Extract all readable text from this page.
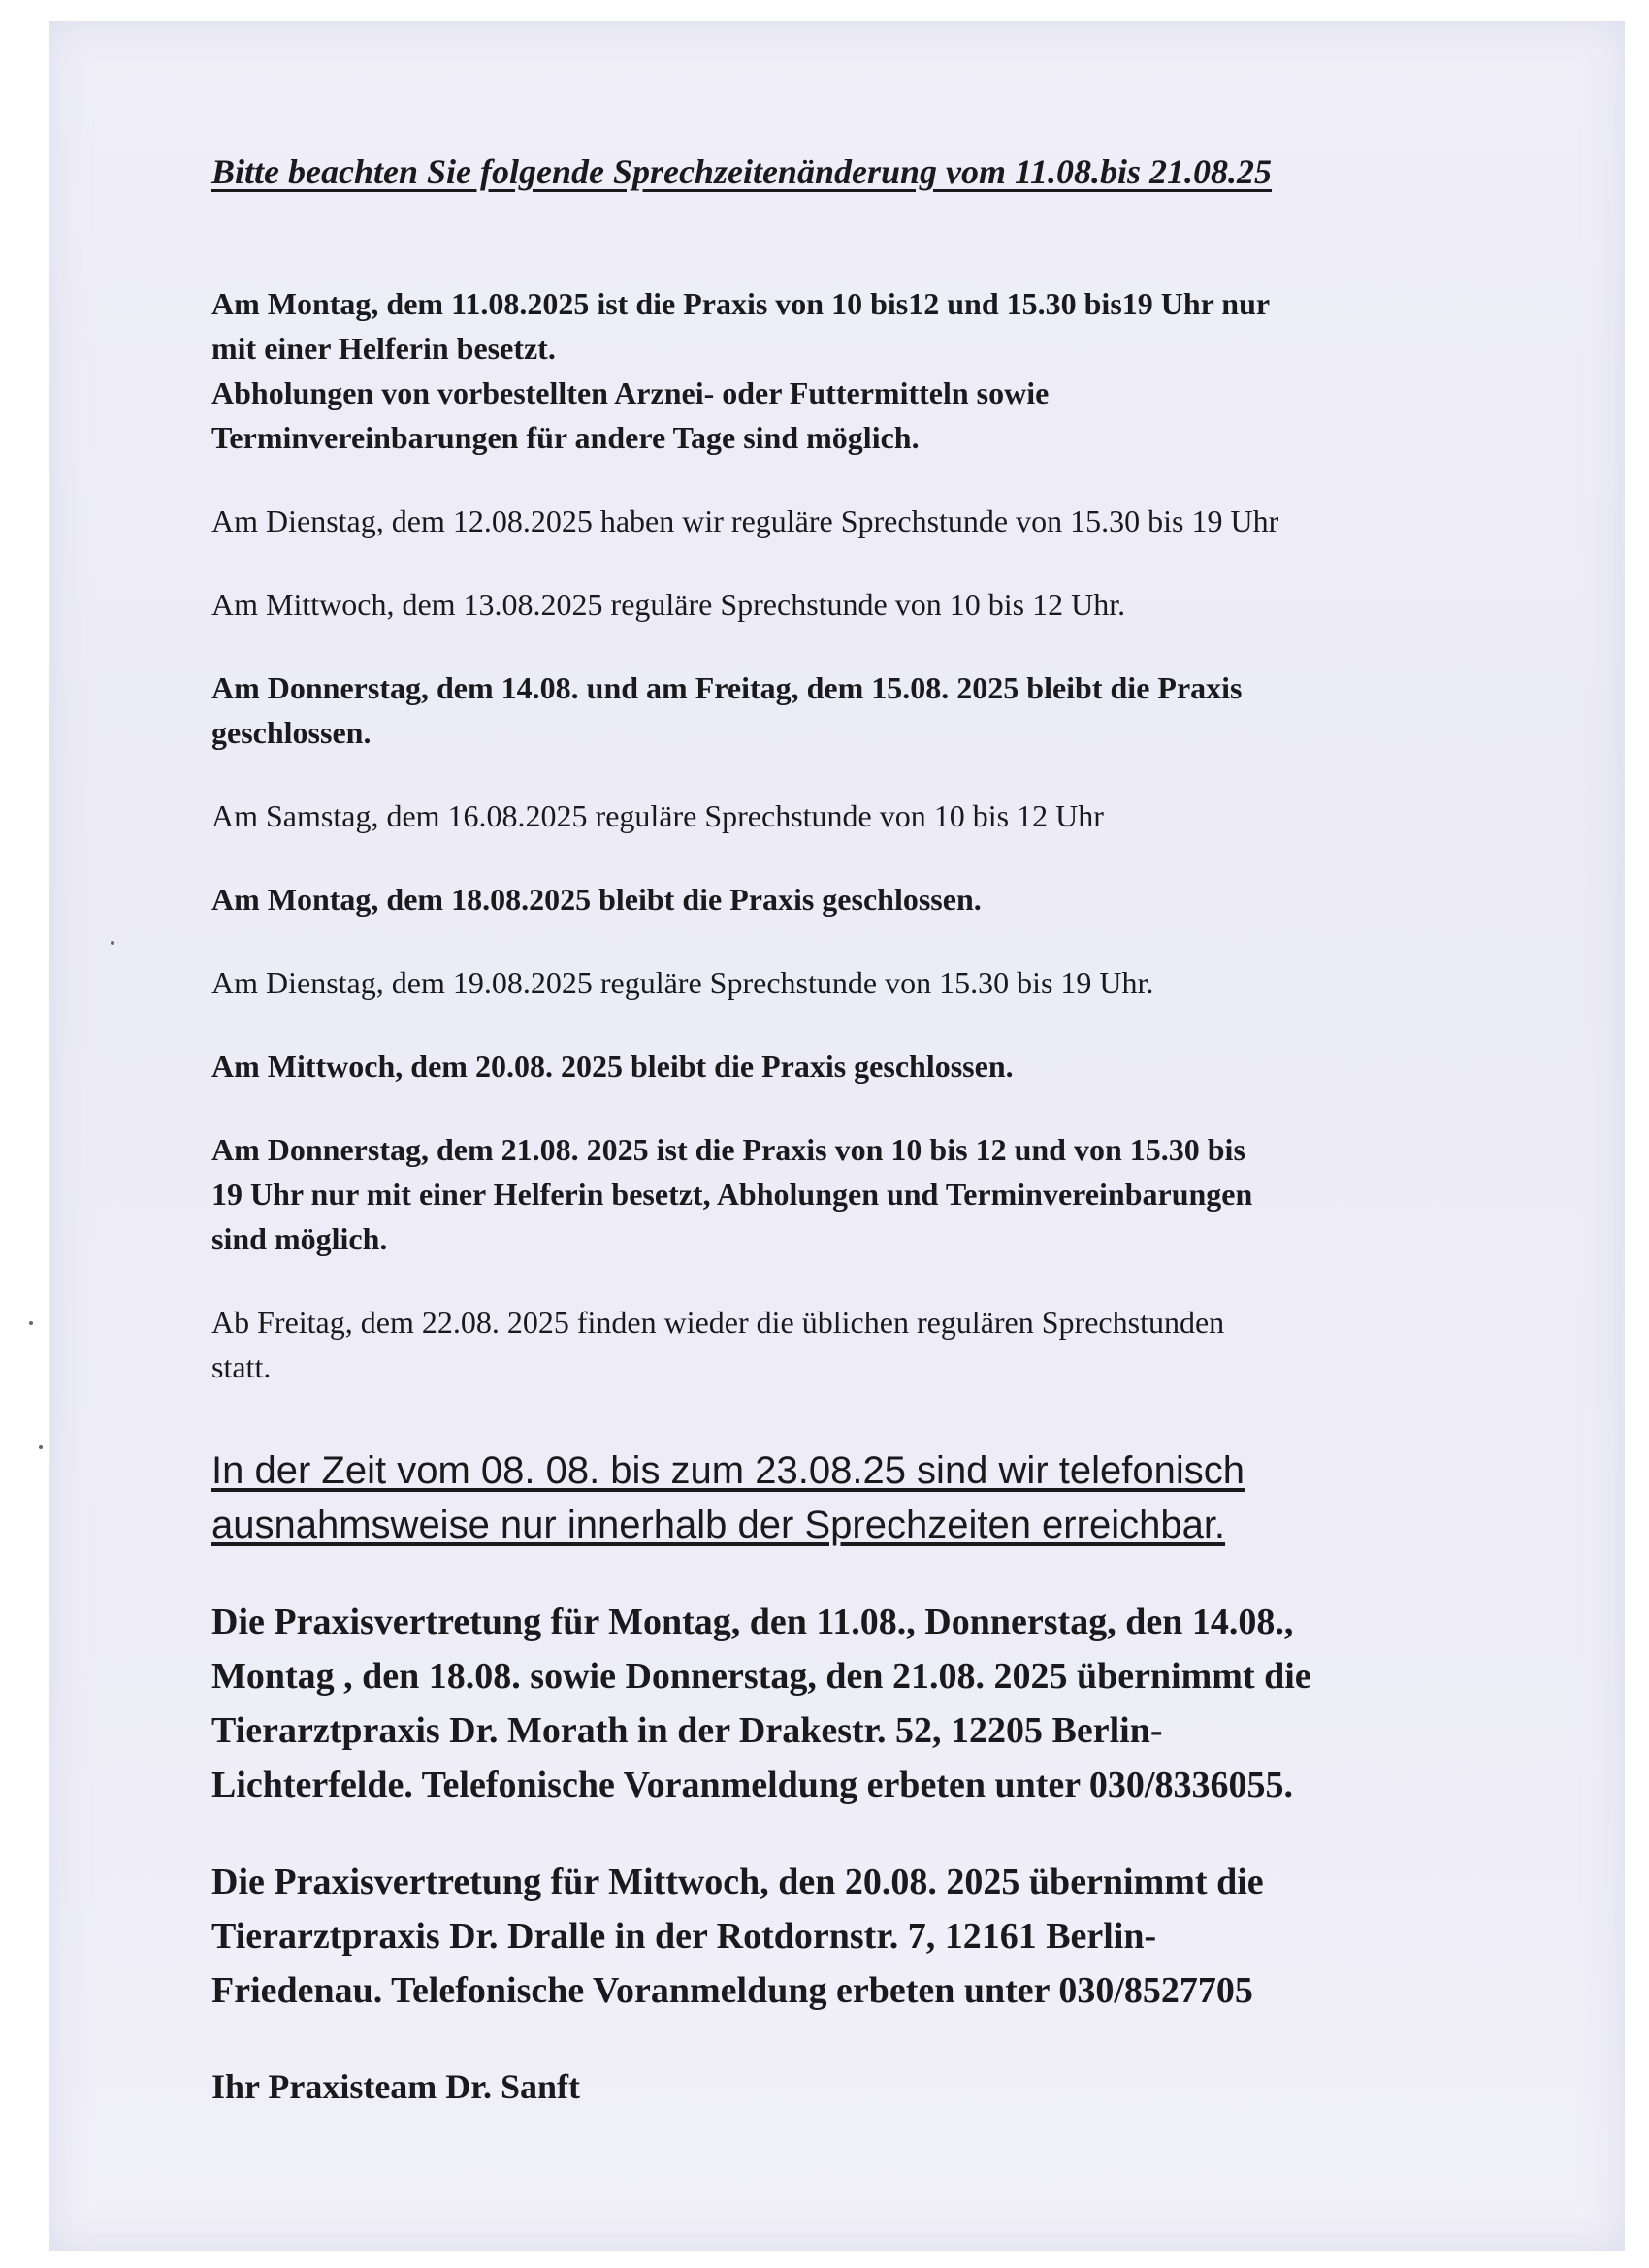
Bitte beachten Sie folgende Sprechzeitenänderung vom 11.08.bis 21.08.25

Am Montag, dem 11.08.2025 ist die Praxis von 10 bis12 und 15.30 bis19 Uhr nur
mit einer Helferin besetzt.
Abholungen von vorbestellten Arznei- oder Futtermitteln sowie
Terminvereinbarungen für andere Tage sind möglich.

Am Dienstag, dem 12.08.2025 haben wir reguläre Sprechstunde von 15.30 bis 19 Uhr

Am Mittwoch, dem 13.08.2025 reguläre Sprechstunde von 10 bis 12 Uhr.

Am Donnerstag, dem 14.08. und am Freitag, dem 15.08. 2025 bleibt die Praxis
geschlossen.

Am Samstag, dem 16.08.2025 reguläre Sprechstunde von 10 bis 12 Uhr

Am Montag, dem 18.08.2025 bleibt die Praxis geschlossen.

Am Dienstag, dem 19.08.2025 reguläre Sprechstunde von 15.30 bis 19 Uhr.

Am Mittwoch, dem 20.08. 2025 bleibt die Praxis geschlossen.

Am Donnerstag, dem 21.08. 2025 ist die Praxis von 10 bis 12 und von 15.30 bis
19 Uhr nur mit einer Helferin besetzt, Abholungen und Terminvereinbarungen
sind möglich.

Ab Freitag, dem 22.08. 2025 finden wieder die üblichen regulären Sprechstunden
statt.

In der Zeit vom 08. 08. bis zum 23.08.25 sind wir telefonisch
ausnahmsweise nur innerhalb der Sprechzeiten erreichbar.

Die Praxisvertretung für Montag, den 11.08., Donnerstag, den 14.08.,
Montag , den 18.08. sowie Donnerstag, den 21.08. 2025 übernimmt die
Tierarztpraxis Dr. Morath in der Drakestr. 52, 12205 Berlin-
Lichterfelde. Telefonische Voranmeldung erbeten unter 030/8336055.

Die Praxisvertretung für Mittwoch, den 20.08. 2025 übernimmt die
Tierarztpraxis Dr. Dralle in der Rotdornstr. 7, 12161 Berlin-
Friedenau. Telefonische Voranmeldung erbeten unter 030/8527705

Ihr Praxisteam Dr. Sanft
